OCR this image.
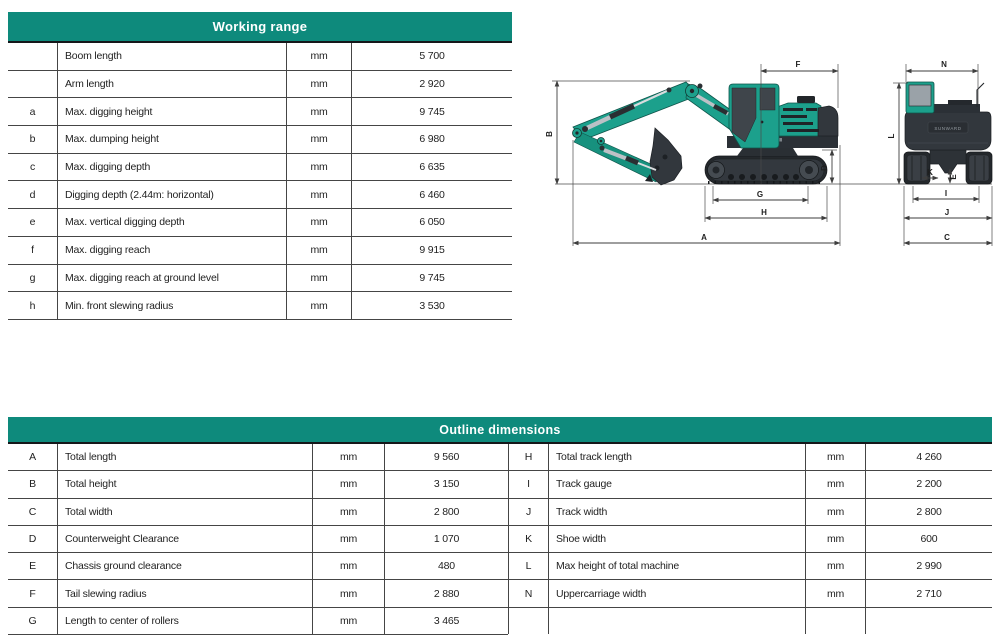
Working range
Boom length	mm	5 700
Arm length	mm	2 920
a	Max. digging height	mm	9 745
b	Max. dumping height	mm	6 980
c	Max. digging depth	mm	6 635
d	Digging depth (2.44m: horizontal)	mm	6 460
e	Max. vertical digging depth	mm	6 050
f	Max. digging reach	mm	9 915
g	Max. digging reach at ground level	mm	9 745
h	Min. front slewing radius	mm	3 530
B
F
D
G
H
A
SUNWARD
N
L
K E
I
J
C
Outline dimensions
A	Total length	mm	9 560
B	Total height	mm	3 150
C	Total width	mm	2 800
D	Counterweight Clearance	mm	1 070
E	Chassis ground clearance	mm	480
F	Tail slewing radius	mm	2 880
G	Length to center of rollers	mm	3 465
H	Total track length	mm	4 260
I	Track gauge	mm	2 200
J	Track width	mm	2 800
K	Shoe width	mm	600
L	Max height of total machine	mm	2 990
N	Uppercarriage width	mm	2 710
